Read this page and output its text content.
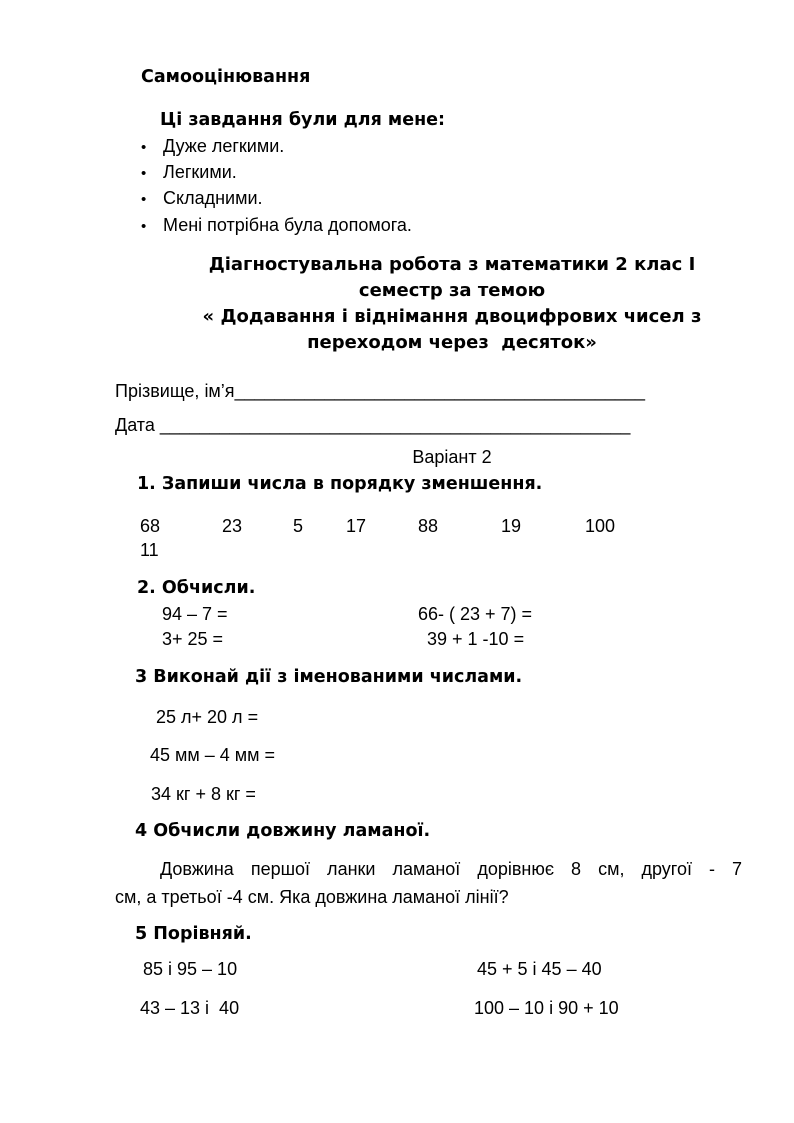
Самооцінювання
Ці завдання були для мене:
• Дуже легкими.
• Легкими.
• Складними.
• Мені потрібна була допомога.
Діагностувальна робота з математики 2 клас І
семестр за темою
« Додавання і віднімання двоцифрових чисел з
переходом через  десяток»
Прізвище, ім’я_________________________________________
Дата _______________________________________________
Варіант 2
1. Запиши числа в порядку зменшення.
68	23	5 17	88	19	100
11
2. Обчисли.
94 – 7 =	66- ( 23 + 7) =
3+ 25 =	39 + 1 -10 =
3 Виконай дії з іменованими числами.
25 л+ 20 л =
45 мм – 4 мм =
34 кг + 8 кг =
4 Обчисли довжину ламаної.
Довжина першої ланки ламаної дорівнює 8 см, другої - 7
см, а третьої -4 см. Яка довжина ламаної лінії?
5 Порівняй.
85 і 95 – 10	45 + 5 і 45 – 40
43 – 13 і  40	100 – 10 і 90 + 10
